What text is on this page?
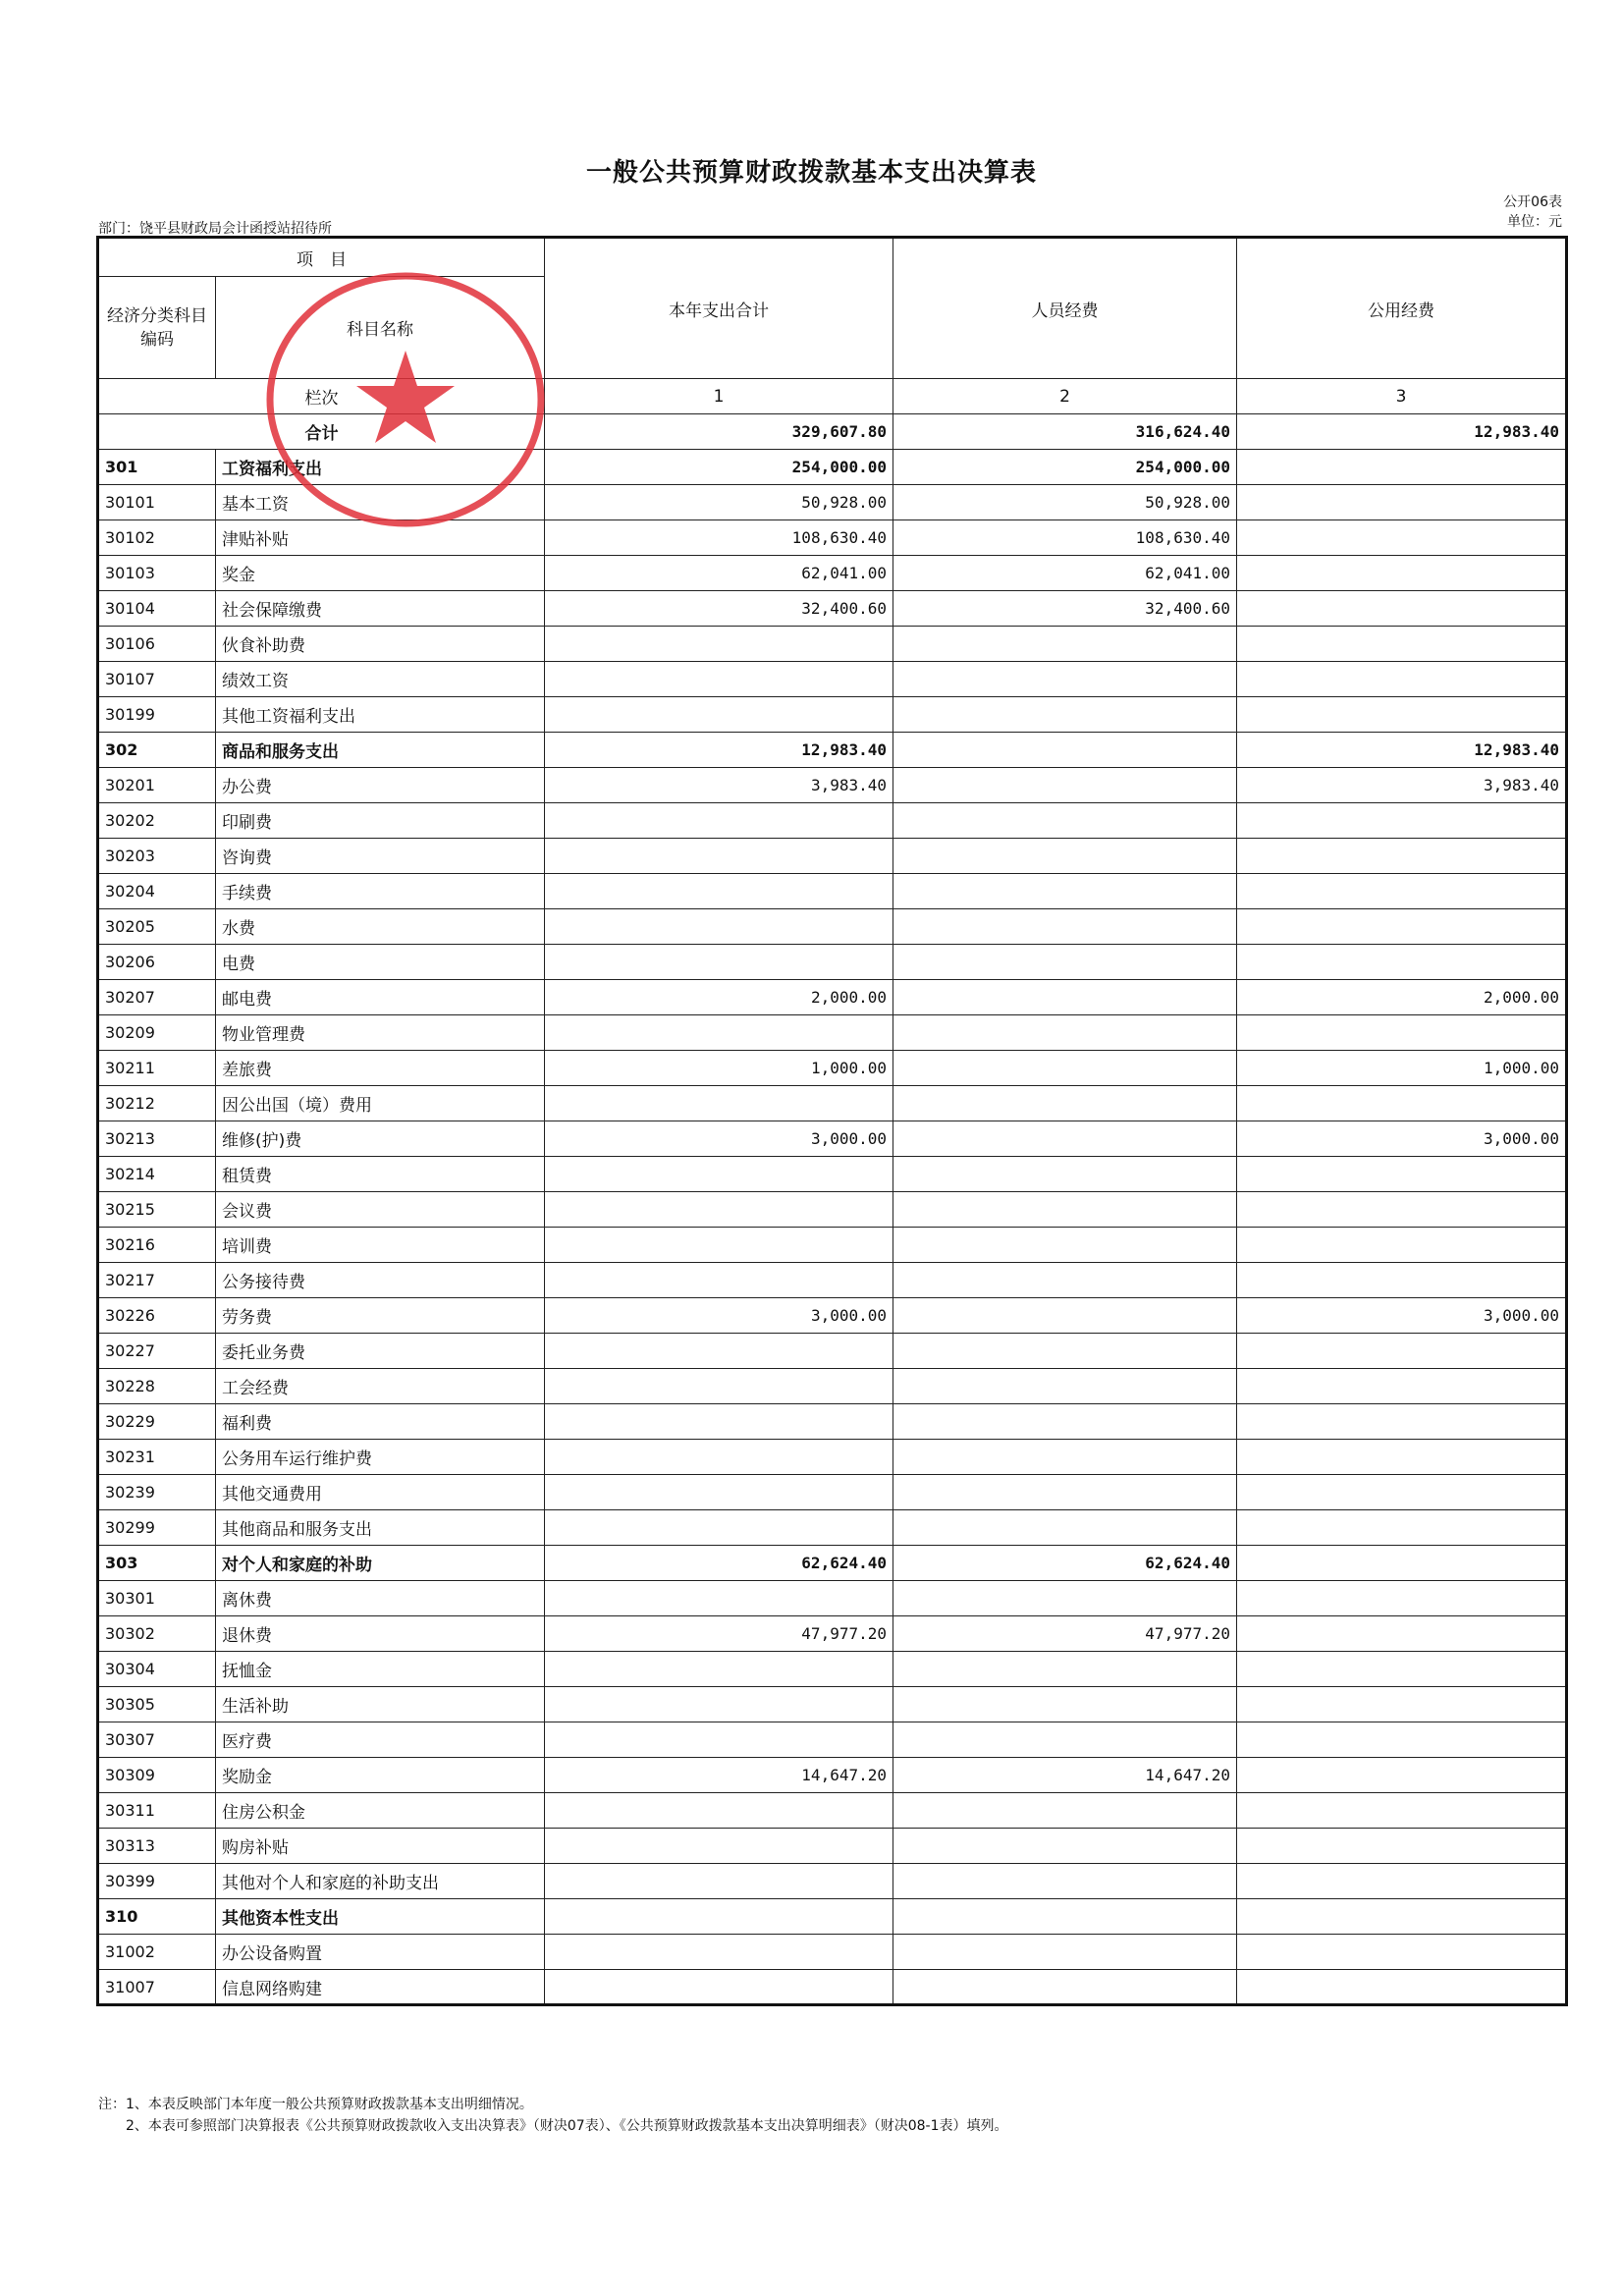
一般公共预算财政拨款基本支出决算表
公开06表
单位：元
部门：饶平县财政局会计函授站招待所
项　目		本年支出合计	人员经费	公用经费
经济分类科目编码	科目名称			
栏次		1	2	3
合计		329,607.80	316,624.40	12,983.40
301	工资福利支出	254,000.00	254,000.00	
30101	基本工资	50,928.00	50,928.00	
30102	津贴补贴	108,630.40	108,630.40	
30103	奖金	62,041.00	62,041.00	
30104	社会保障缴费	32,400.60	32,400.60	
30106	伙食补助费			
30107	绩效工资			
30199	其他工资福利支出			
302	商品和服务支出	12,983.40		12,983.40
30201	办公费	3,983.40		3,983.40
30202	印刷费			
30203	咨询费			
30204	手续费			
30205	水费			
30206	电费			
30207	邮电费	2,000.00		2,000.00
30209	物业管理费			
30211	差旅费	1,000.00		1,000.00
30212	因公出国（境）费用			
30213	维修(护)费	3,000.00		3,000.00
30214	租赁费			
30215	会议费			
30216	培训费			
30217	公务接待费			
30226	劳务费	3,000.00		3,000.00
30227	委托业务费			
30228	工会经费			
30229	福利费			
30231	公务用车运行维护费			
30239	其他交通费用			
30299	其他商品和服务支出			
303	对个人和家庭的补助	62,624.40	62,624.40	
30301	离休费			
30302	退休费	47,977.20	47,977.20	
30304	抚恤金			
30305	生活补助			
30307	医疗费			
30309	奖励金	14,647.20	14,647.20	
30311	住房公积金			
30313	购房补贴			
30399	其他对个人和家庭的补助支出			
310	其他资本性支出			
31002	办公设备购置			
31007	信息网络购建			
注：1、本表反映部门本年度一般公共预算财政拨款基本支出明细情况。
　　2、本表可参照部门决算报表《公共预算财政拨款收入支出决算表》（财决07表）、《公共预算财政拨款基本支出决算明细表》（财决08-1表）填列。
